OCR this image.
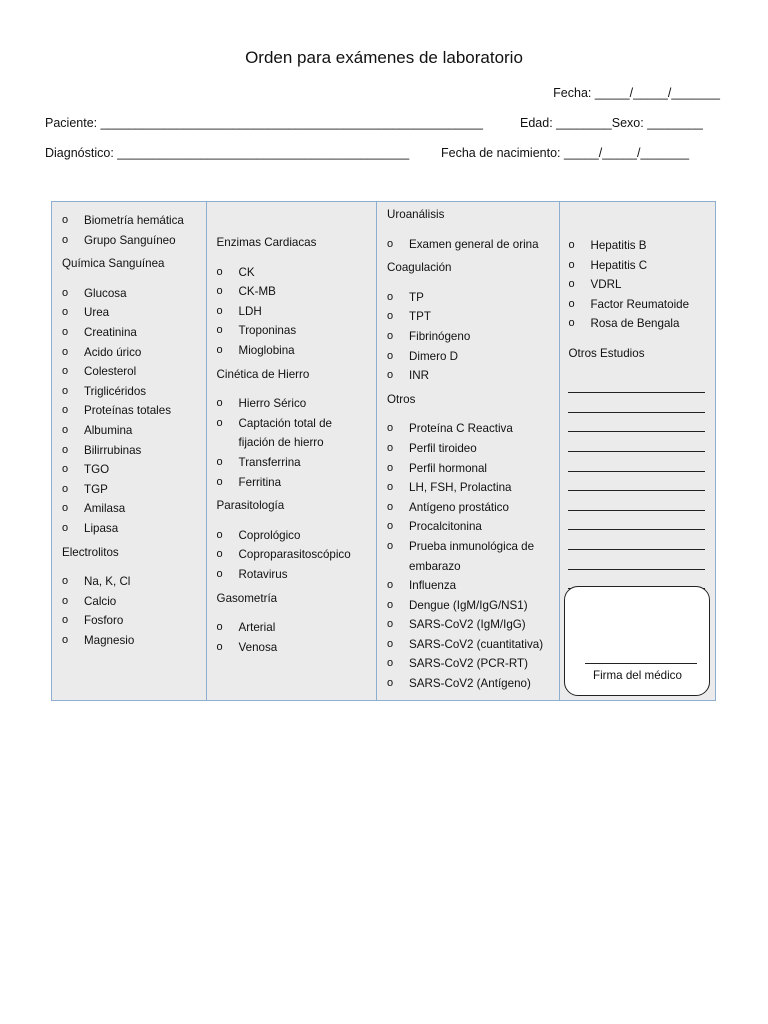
Orden para exámenes de laboratorio
Fecha: _____/_____/_______
Paciente: _______________________________________________________	Edad: ________Sexo: ________
Diagnóstico: __________________________________________	Fecha de nacimiento: _____/_____/_______
o Biometría hemática
o Grupo Sanguíneo
Química Sanguínea
o Glucosa
o Urea
o Creatinina
o Acido úrico
o Colesterol
o Triglicéridos
o Proteínas totales
o Albumina
o Bilirrubinas
o TGO
o TGP
o Amilasa
o Lipasa
Electrolitos
o Na, K, Cl
o Calcio
o Fosforo
o Magnesio
Enzimas Cardiacas
o CK
o CK-MB
o LDH
o Troponinas
o Mioglobina
Cinética de Hierro
o Hierro Sérico
o Captación total de fijación de hierro
o Transferrina
o Ferritina
Parasitología
o Coprológico
o Coproparasitoscópico
o Rotavirus
Gasometría
o Arterial
o Venosa
Uroanálisis
o Examen general de orina
Coagulación
o TP
o TPT
o Fibrinógeno
o Dimero D
o INR
Otros
o Proteína C Reactiva
o Perfil tiroideo
o Perfil hormonal
o LH, FSH, Prolactina
o Antígeno prostático
o Procalcitonina
o Prueba inmunológica de embarazo
o Influenza
o Dengue (IgM/IgG/NS1)
o SARS-CoV2 (IgM/IgG)
o SARS-CoV2 (cuantitativa)
o SARS-CoV2 (PCR-RT)
o SARS-CoV2 (Antígeno)
o Hepatitis B
o Hepatitis C
o VDRL
o Factor Reumatoide
o Rosa de Bengala
Otros Estudios
Firma del médico
